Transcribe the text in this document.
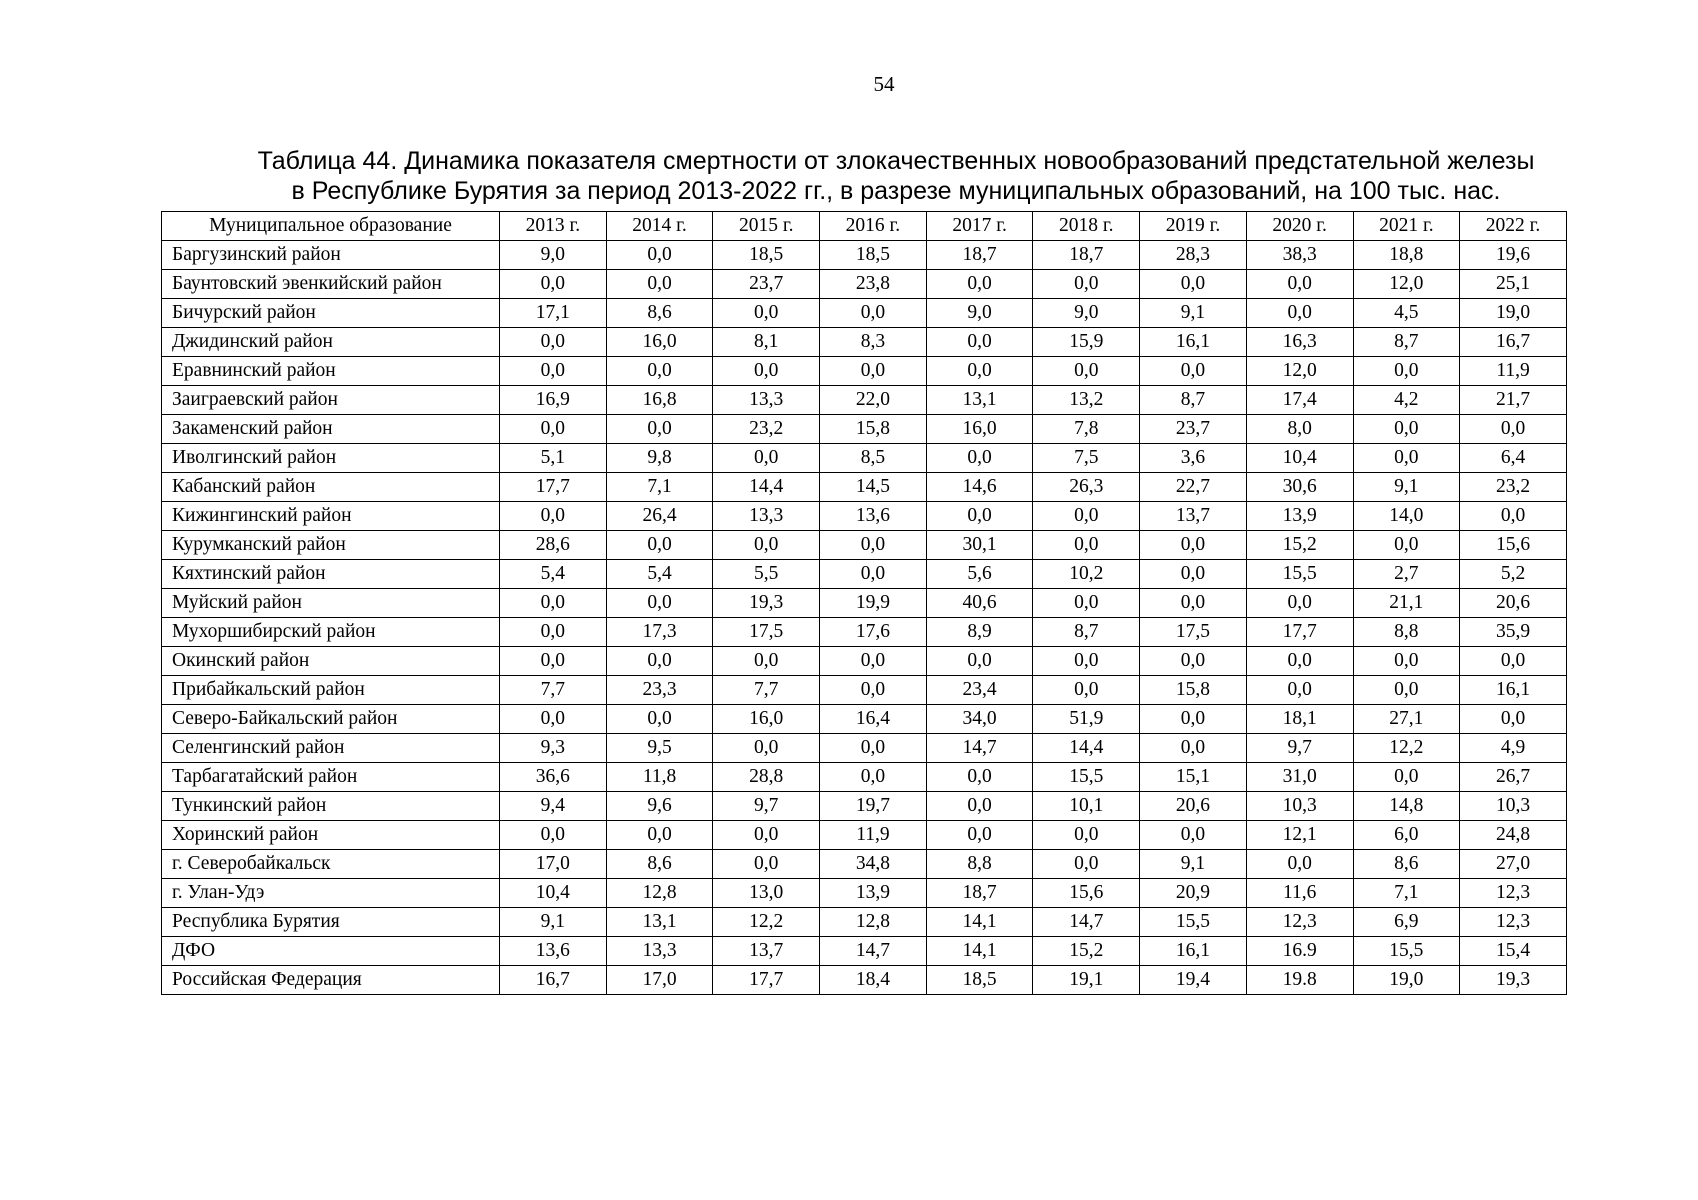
54
Таблица 44. Динамика показателя смертности от злокачественных новообразований предстательной железы
в Республике Бурятия за период 2013-2022 гг., в разрезе муниципальных образований, на 100 тыс. нас.
Муниципальное образование	2013 г.	2014 г.	2015 г.	2016 г.	2017 г.	2018 г.	2019 г.	2020 г.	2021 г.	2022 г.
Баргузинский район	9,0	0,0	18,5	18,5	18,7	18,7	28,3	38,3	18,8	19,6
Баунтовский эвенкийский район	0,0	0,0	23,7	23,8	0,0	0,0	0,0	0,0	12,0	25,1
Бичурский район	17,1	8,6	0,0	0,0	9,0	9,0	9,1	0,0	4,5	19,0
Джидинский район	0,0	16,0	8,1	8,3	0,0	15,9	16,1	16,3	8,7	16,7
Еравнинский район	0,0	0,0	0,0	0,0	0,0	0,0	0,0	12,0	0,0	11,9
Заиграевский район	16,9	16,8	13,3	22,0	13,1	13,2	8,7	17,4	4,2	21,7
Закаменский район	0,0	0,0	23,2	15,8	16,0	7,8	23,7	8,0	0,0	0,0
Иволгинский район	5,1	9,8	0,0	8,5	0,0	7,5	3,6	10,4	0,0	6,4
Кабанский район	17,7	7,1	14,4	14,5	14,6	26,3	22,7	30,6	9,1	23,2
Кижингинский район	0,0	26,4	13,3	13,6	0,0	0,0	13,7	13,9	14,0	0,0
Курумканский район	28,6	0,0	0,0	0,0	30,1	0,0	0,0	15,2	0,0	15,6
Кяхтинский район	5,4	5,4	5,5	0,0	5,6	10,2	0,0	15,5	2,7	5,2
Муйский район	0,0	0,0	19,3	19,9	40,6	0,0	0,0	0,0	21,1	20,6
Мухоршибирский район	0,0	17,3	17,5	17,6	8,9	8,7	17,5	17,7	8,8	35,9
Окинский район	0,0	0,0	0,0	0,0	0,0	0,0	0,0	0,0	0,0	0,0
Прибайкальский район	7,7	23,3	7,7	0,0	23,4	0,0	15,8	0,0	0,0	16,1
Северо-Байкальский район	0,0	0,0	16,0	16,4	34,0	51,9	0,0	18,1	27,1	0,0
Селенгинский район	9,3	9,5	0,0	0,0	14,7	14,4	0,0	9,7	12,2	4,9
Тарбагатайский район	36,6	11,8	28,8	0,0	0,0	15,5	15,1	31,0	0,0	26,7
Тункинский район	9,4	9,6	9,7	19,7	0,0	10,1	20,6	10,3	14,8	10,3
Хоринский район	0,0	0,0	0,0	11,9	0,0	0,0	0,0	12,1	6,0	24,8
г. Северобайкальск	17,0	8,6	0,0	34,8	8,8	0,0	9,1	0,0	8,6	27,0
г. Улан-Удэ	10,4	12,8	13,0	13,9	18,7	15,6	20,9	11,6	7,1	12,3
Республика Бурятия	9,1	13,1	12,2	12,8	14,1	14,7	15,5	12,3	6,9	12,3
ДФО	13,6	13,3	13,7	14,7	14,1	15,2	16,1	16.9	15,5	15,4
Российская Федерация	16,7	17,0	17,7	18,4	18,5	19,1	19,4	19.8	19,0	19,3
